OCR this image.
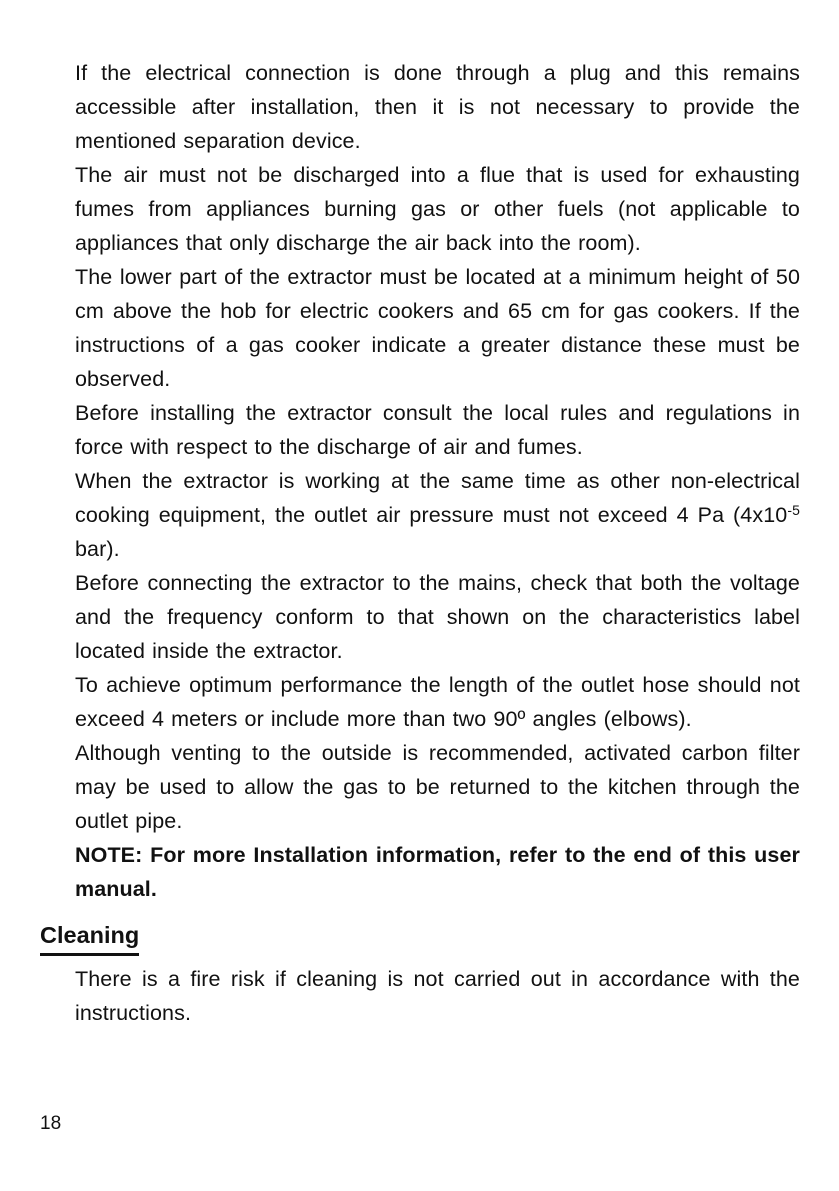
If the electrical connection is done through a plug and this remains accessible after installation, then it is not necessary to provide the mentioned separation device.

The air must not be discharged into a flue that is used for exhausting fumes from appliances burning gas or other fuels (not applicable to appliances that only discharge the air back into the room).

The lower part of the extractor must be located at a minimum height of 50 cm above the hob for electric cookers and 65 cm for gas cookers. If the instructions of a gas cooker indicate a greater distance these must be observed.

Before installing the extractor consult the local rules and regulations in force with respect to the discharge of air and fumes.

When the extractor is working at the same time as other non-electrical cooking equipment, the outlet air pressure must not exceed 4 Pa ($4x10^{-5}$ bar).

Before connecting the extractor to the mains, check that both the voltage and the frequency conform to that shown on the characteristics label located inside the extractor.

To achieve optimum performance the length of the outlet hose should not exceed 4 meters or include more than two 90º angles (elbows).

Although venting to the outside is recommended, activated carbon filter may be used to allow the gas to be returned to the kitchen through the outlet pipe.

NOTE: For more Installation information, refer to the end of this user manual.

Cleaning

There is a fire risk if cleaning is not carried out in accordance with the instructions.

18
